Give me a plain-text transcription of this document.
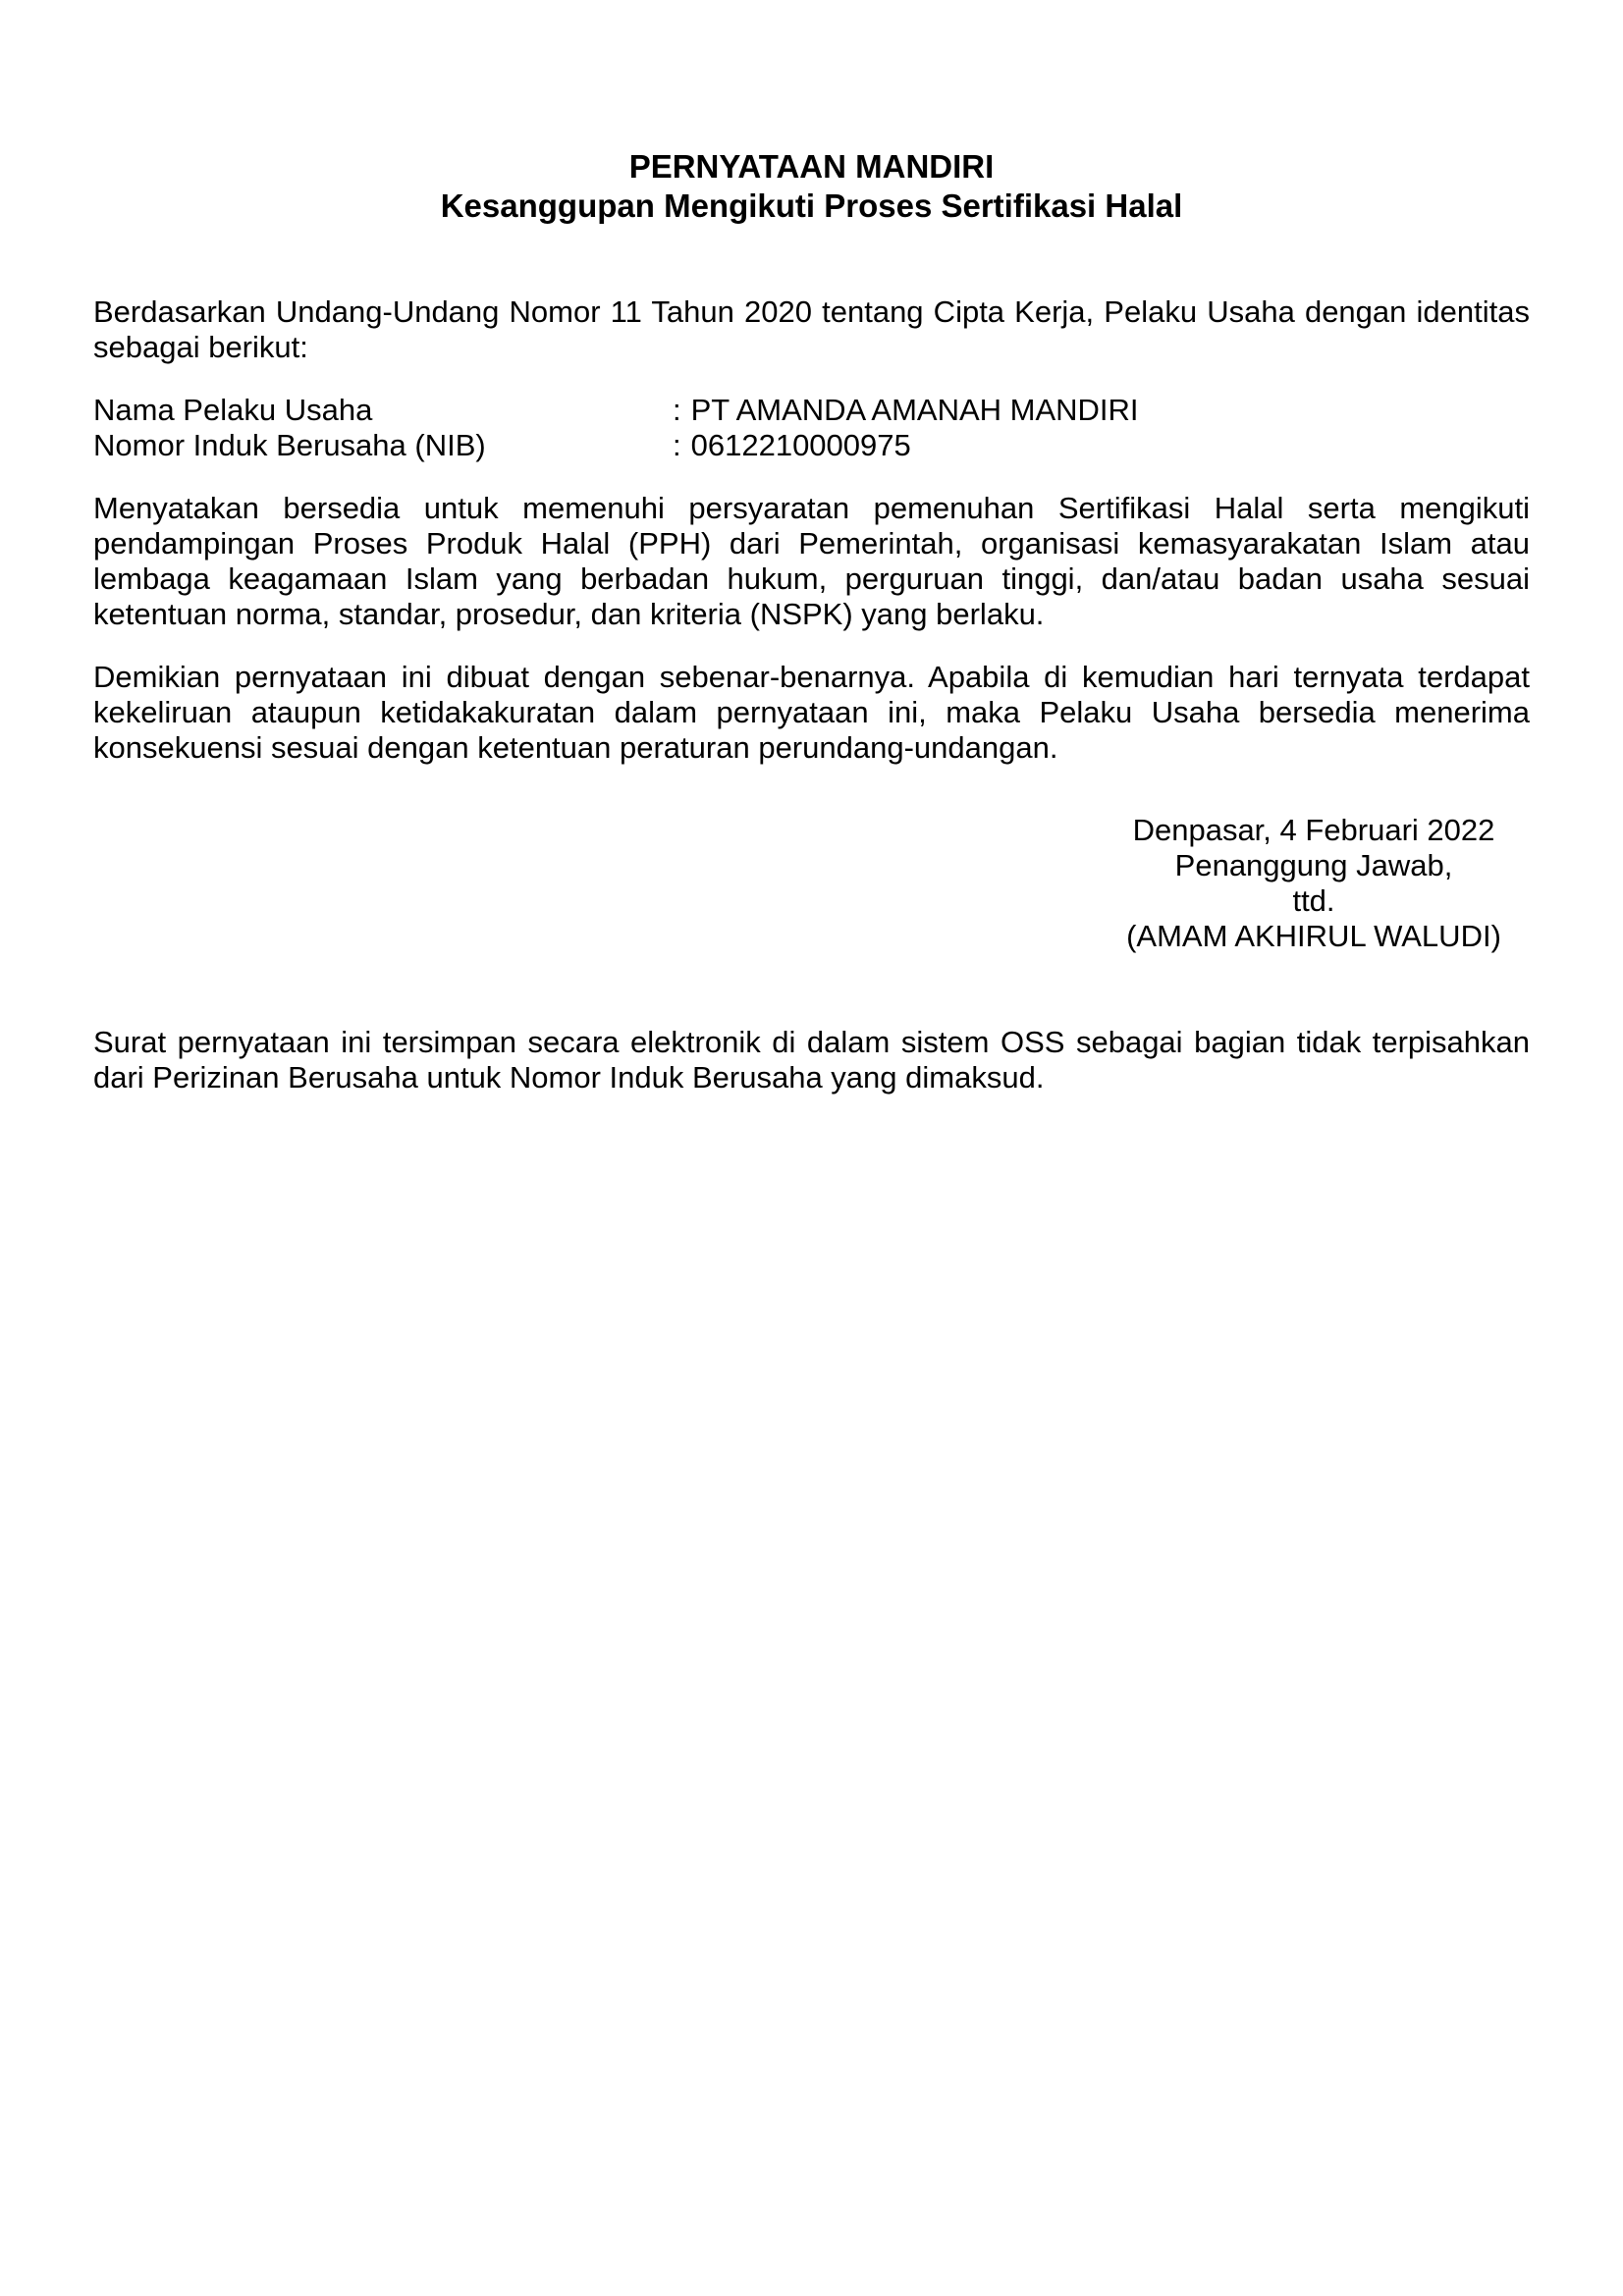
PERNYATAAN MANDIRI
Kesanggupan Mengikuti Proses Sertifikasi Halal
Berdasarkan Undang-Undang Nomor 11 Tahun 2020 tentang Cipta Kerja, Pelaku Usaha dengan identitas sebagai berikut:
Nama Pelaku Usaha	: PT AMANDA AMANAH MANDIRI
Nomor Induk Berusaha (NIB)	: 0612210000975
Menyatakan bersedia untuk memenuhi persyaratan pemenuhan Sertifikasi Halal serta mengikuti pendampingan Proses Produk Halal (PPH) dari Pemerintah, organisasi kemasyarakatan Islam atau lembaga keagamaan Islam yang berbadan hukum, perguruan tinggi, dan/atau badan usaha sesuai ketentuan norma, standar, prosedur, dan kriteria (NSPK) yang berlaku.
Demikian pernyataan ini dibuat dengan sebenar-benarnya. Apabila di kemudian hari ternyata terdapat kekeliruan ataupun ketidakakuratan dalam pernyataan ini, maka Pelaku Usaha bersedia menerima konsekuensi sesuai dengan ketentuan peraturan perundang-undangan.
Denpasar, 4 Februari 2022
Penanggung Jawab,
ttd.
(AMAM AKHIRUL WALUDI)
Surat pernyataan ini tersimpan secara elektronik di dalam sistem OSS sebagai bagian tidak terpisahkan dari Perizinan Berusaha untuk Nomor Induk Berusaha yang dimaksud.
